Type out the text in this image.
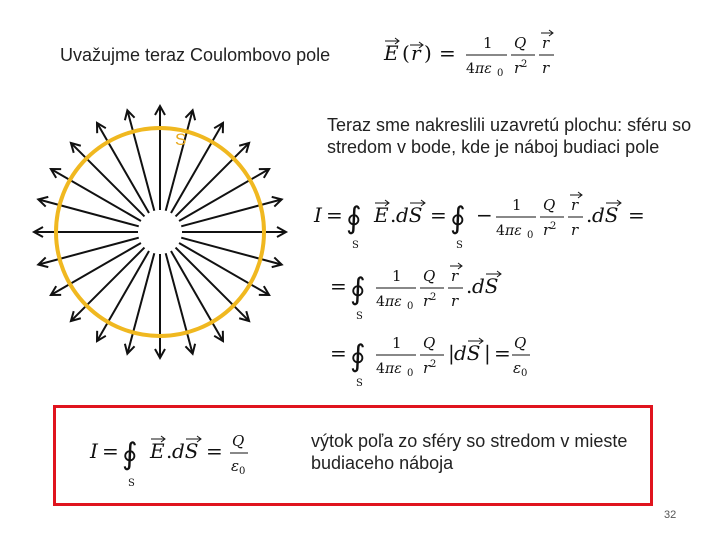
Uvažujme teraz Coulombovo pole	E ( r ) = 1
4 πε 0
Q
r 2
r
r
S
Teraz sme nakreslili uzavretú plochu: sféru so stredom v bode, kde je náboj budiaci pole
I = ∮
S
E . dS = ∮
S
− 1
4 πε 0
Q
r 2
r
r
. dS =
= ∮
S
1
4 πε 0
Q
r 2
r
r
. dS
= ∮
S
1
4 πε 0
Q
r 2 | dS | = Q
ε 0
I = ∮
S
E . dS = Q
ε 0
výtok poľa zo sféry so stredom v mieste budiaceho náboja
32
